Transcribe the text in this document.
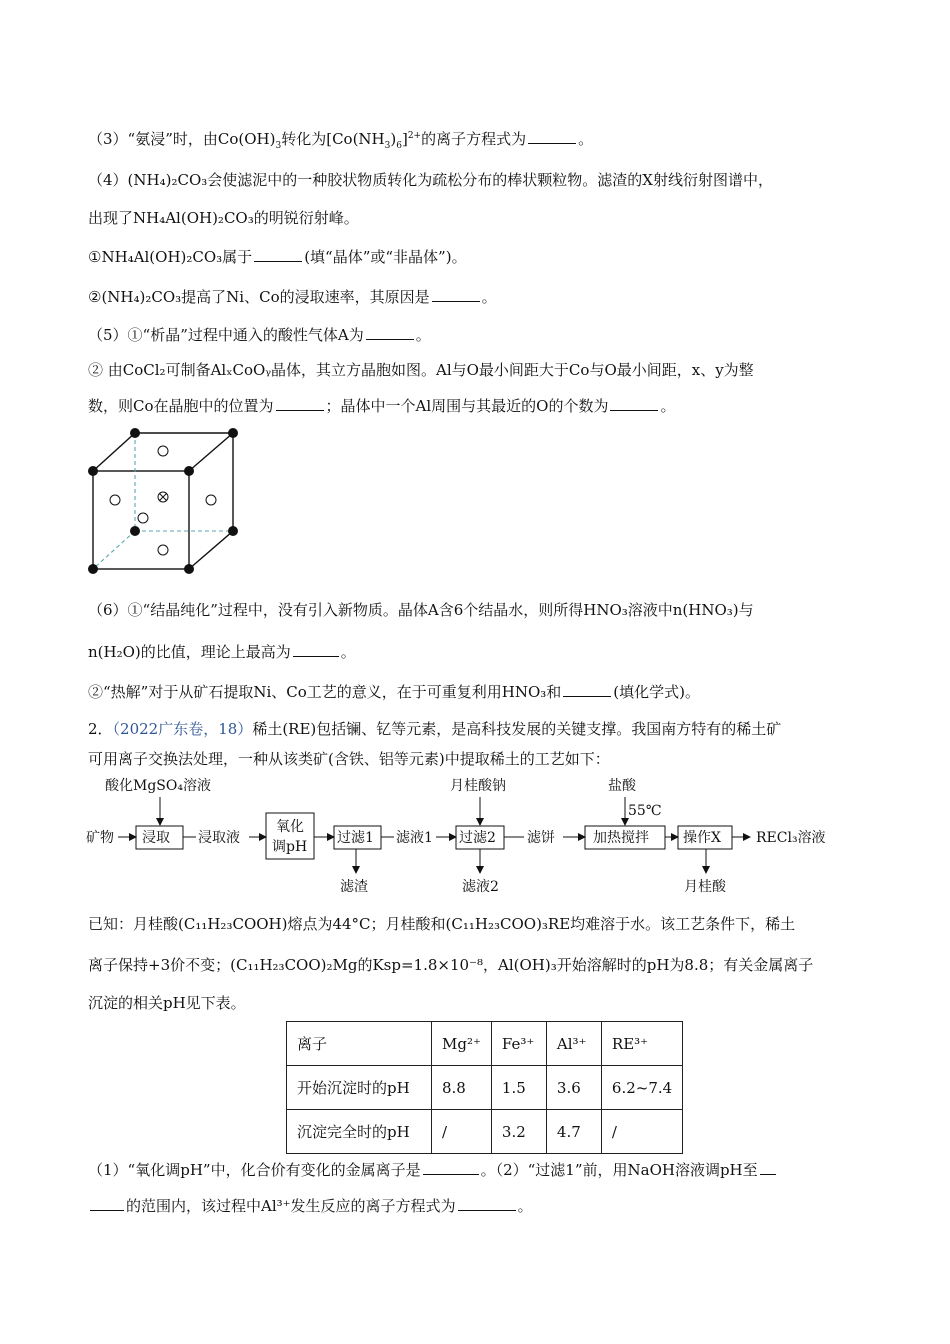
（3）“氨浸”时，由$Co(OH)_3$转化为$[Co(NH_3)_6]^{2+}$的离子方程式为	。
（4）(NH₄)₂CO₃会使滤泥中的一种胶状物质转化为疏松分布的棒状颗粒物。滤渣的X射线衍射图谱中，
出现了NH₄Al(OH)₂CO₃的明锐衍射峰。
①NH₄Al(OH)₂CO₃属于	(填“晶体”或“非晶体”)。
②(NH₄)₂CO₃提高了Ni、Co的浸取速率，其原因是	。
（5）①“析晶”过程中通入的酸性气体A为	。
② 由CoCl₂可制备AlₓCoOᵧ晶体，其立方晶胞如图。Al与O最小间距大于Co与O最小间距，x、y为整
数，则Co在晶胞中的位置为	；晶体中一个Al周围与其最近的O的个数为	。
（6）①“结晶纯化”过程中，没有引入新物质。晶体A含6个结晶水，则所得HNO₃溶液中n(HNO₃)与
n(H₂O)的比值，理论上最高为	。
②“热解”对于从矿石提取Ni、Co工艺的意义，在于可重复利用HNO₃和	(填化学式)。
2．（2022广东卷，18）稀土(RE)包括镧、钇等元素，是高科技发展的关键支撑。我国南方特有的稀土矿
可用离子交换法处理，一种从该类矿(含铁、铝等元素)中提取稀土的工艺如下：
酸化MgSO₄溶液
矿物 浸取 浸取液
氧化
调pH
过滤1 滤液1
滤渣
月桂酸钠
过滤2 滤饼
滤液2
盐酸
55℃
加热搅拌 操作X	RECl₃溶液
月桂酸
已知：月桂酸(C₁₁H₂₃COOH)熔点为44°C；月桂酸和(C₁₁H₂₃COO)₃RE均难溶于水。该工艺条件下，稀土
离子保持+3价不变；(C₁₁H₂₃COO)₂Mg的Ksp=1.8×10⁻⁸，Al(OH)₃开始溶解时的pH为8.8；有关金属离子
沉淀的相关pH见下表。
离子	Mg²⁺	Fe³⁺	Al³⁺	RE³⁺
开始沉淀时的pH	8.8	1.5	3.6	6.2~7.4
沉淀完全时的pH	/	3.2	4.7	/
（1）“氧化调pH”中，化合价有变化的金属离子是	。（2）“过滤1”前，用NaOH溶液调pH至
的范围内，该过程中Al³⁺发生反应的离子方程式为	。
